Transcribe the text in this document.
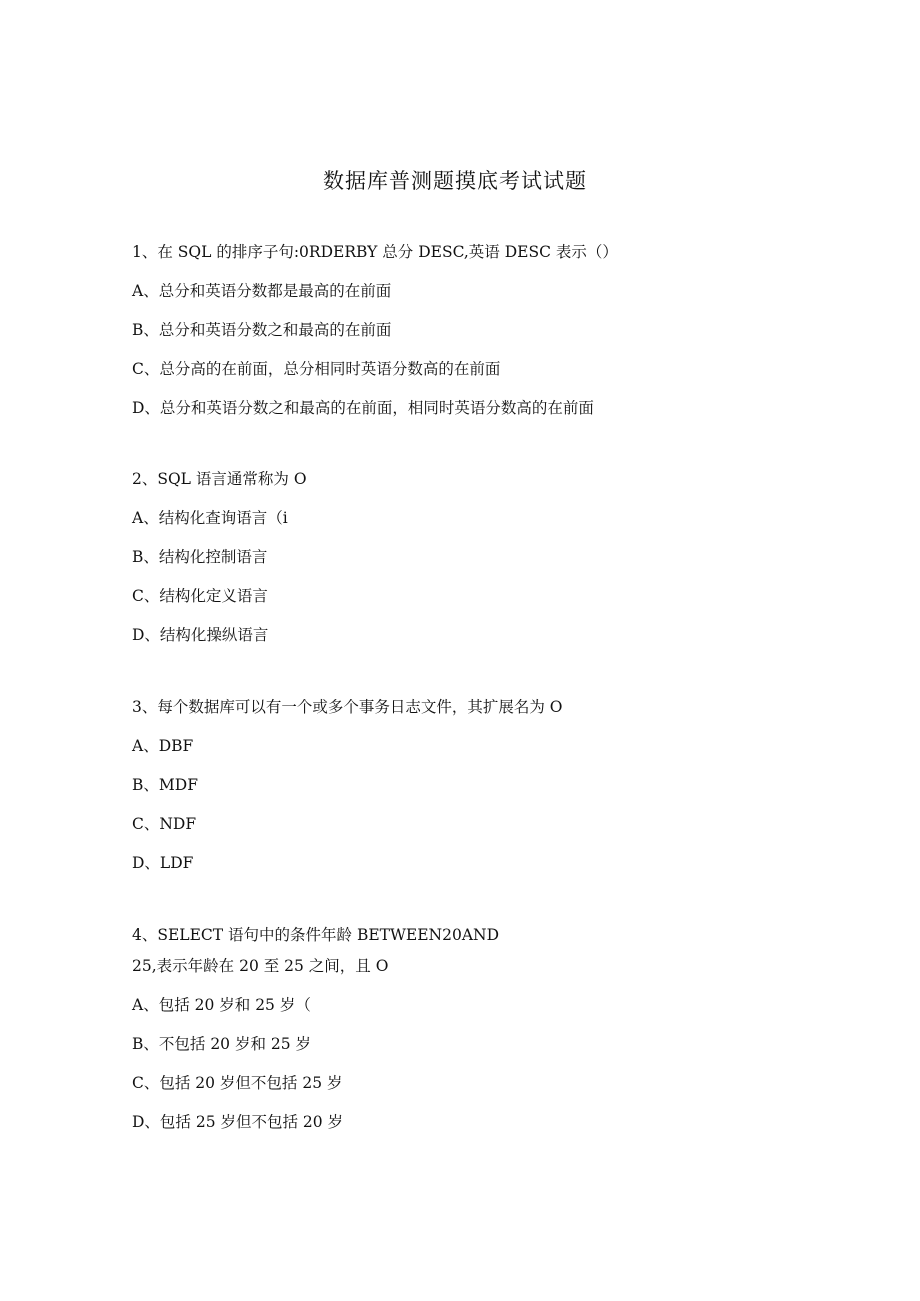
数据库普测题摸底考试试题
1、在 SQL 的排序子句:0RDERBY 总分 DESC,英语 DESC 表示（）
A、总分和英语分数都是最高的在前面
B、总分和英语分数之和最高的在前面
C、总分高的在前面，总分相同时英语分数高的在前面
D、总分和英语分数之和最高的在前面，相同时英语分数高的在前面
2、SQL 语言通常称为 O
A、结构化查询语言（i
B、结构化控制语言
C、结构化定义语言
D、结构化操纵语言
3、每个数据库可以有一个或多个事务日志文件，其扩展名为 O
A、DBF
B、MDF
C、NDF
D、LDF
4、SELECT 语句中的条件年龄 BETWEEN20AND
25,表示年龄在 20 至 25 之间，且 O
A、包括 20 岁和 25 岁（
B、不包括 20 岁和 25 岁
C、包括 20 岁但不包括 25 岁
D、包括 25 岁但不包括 20 岁
